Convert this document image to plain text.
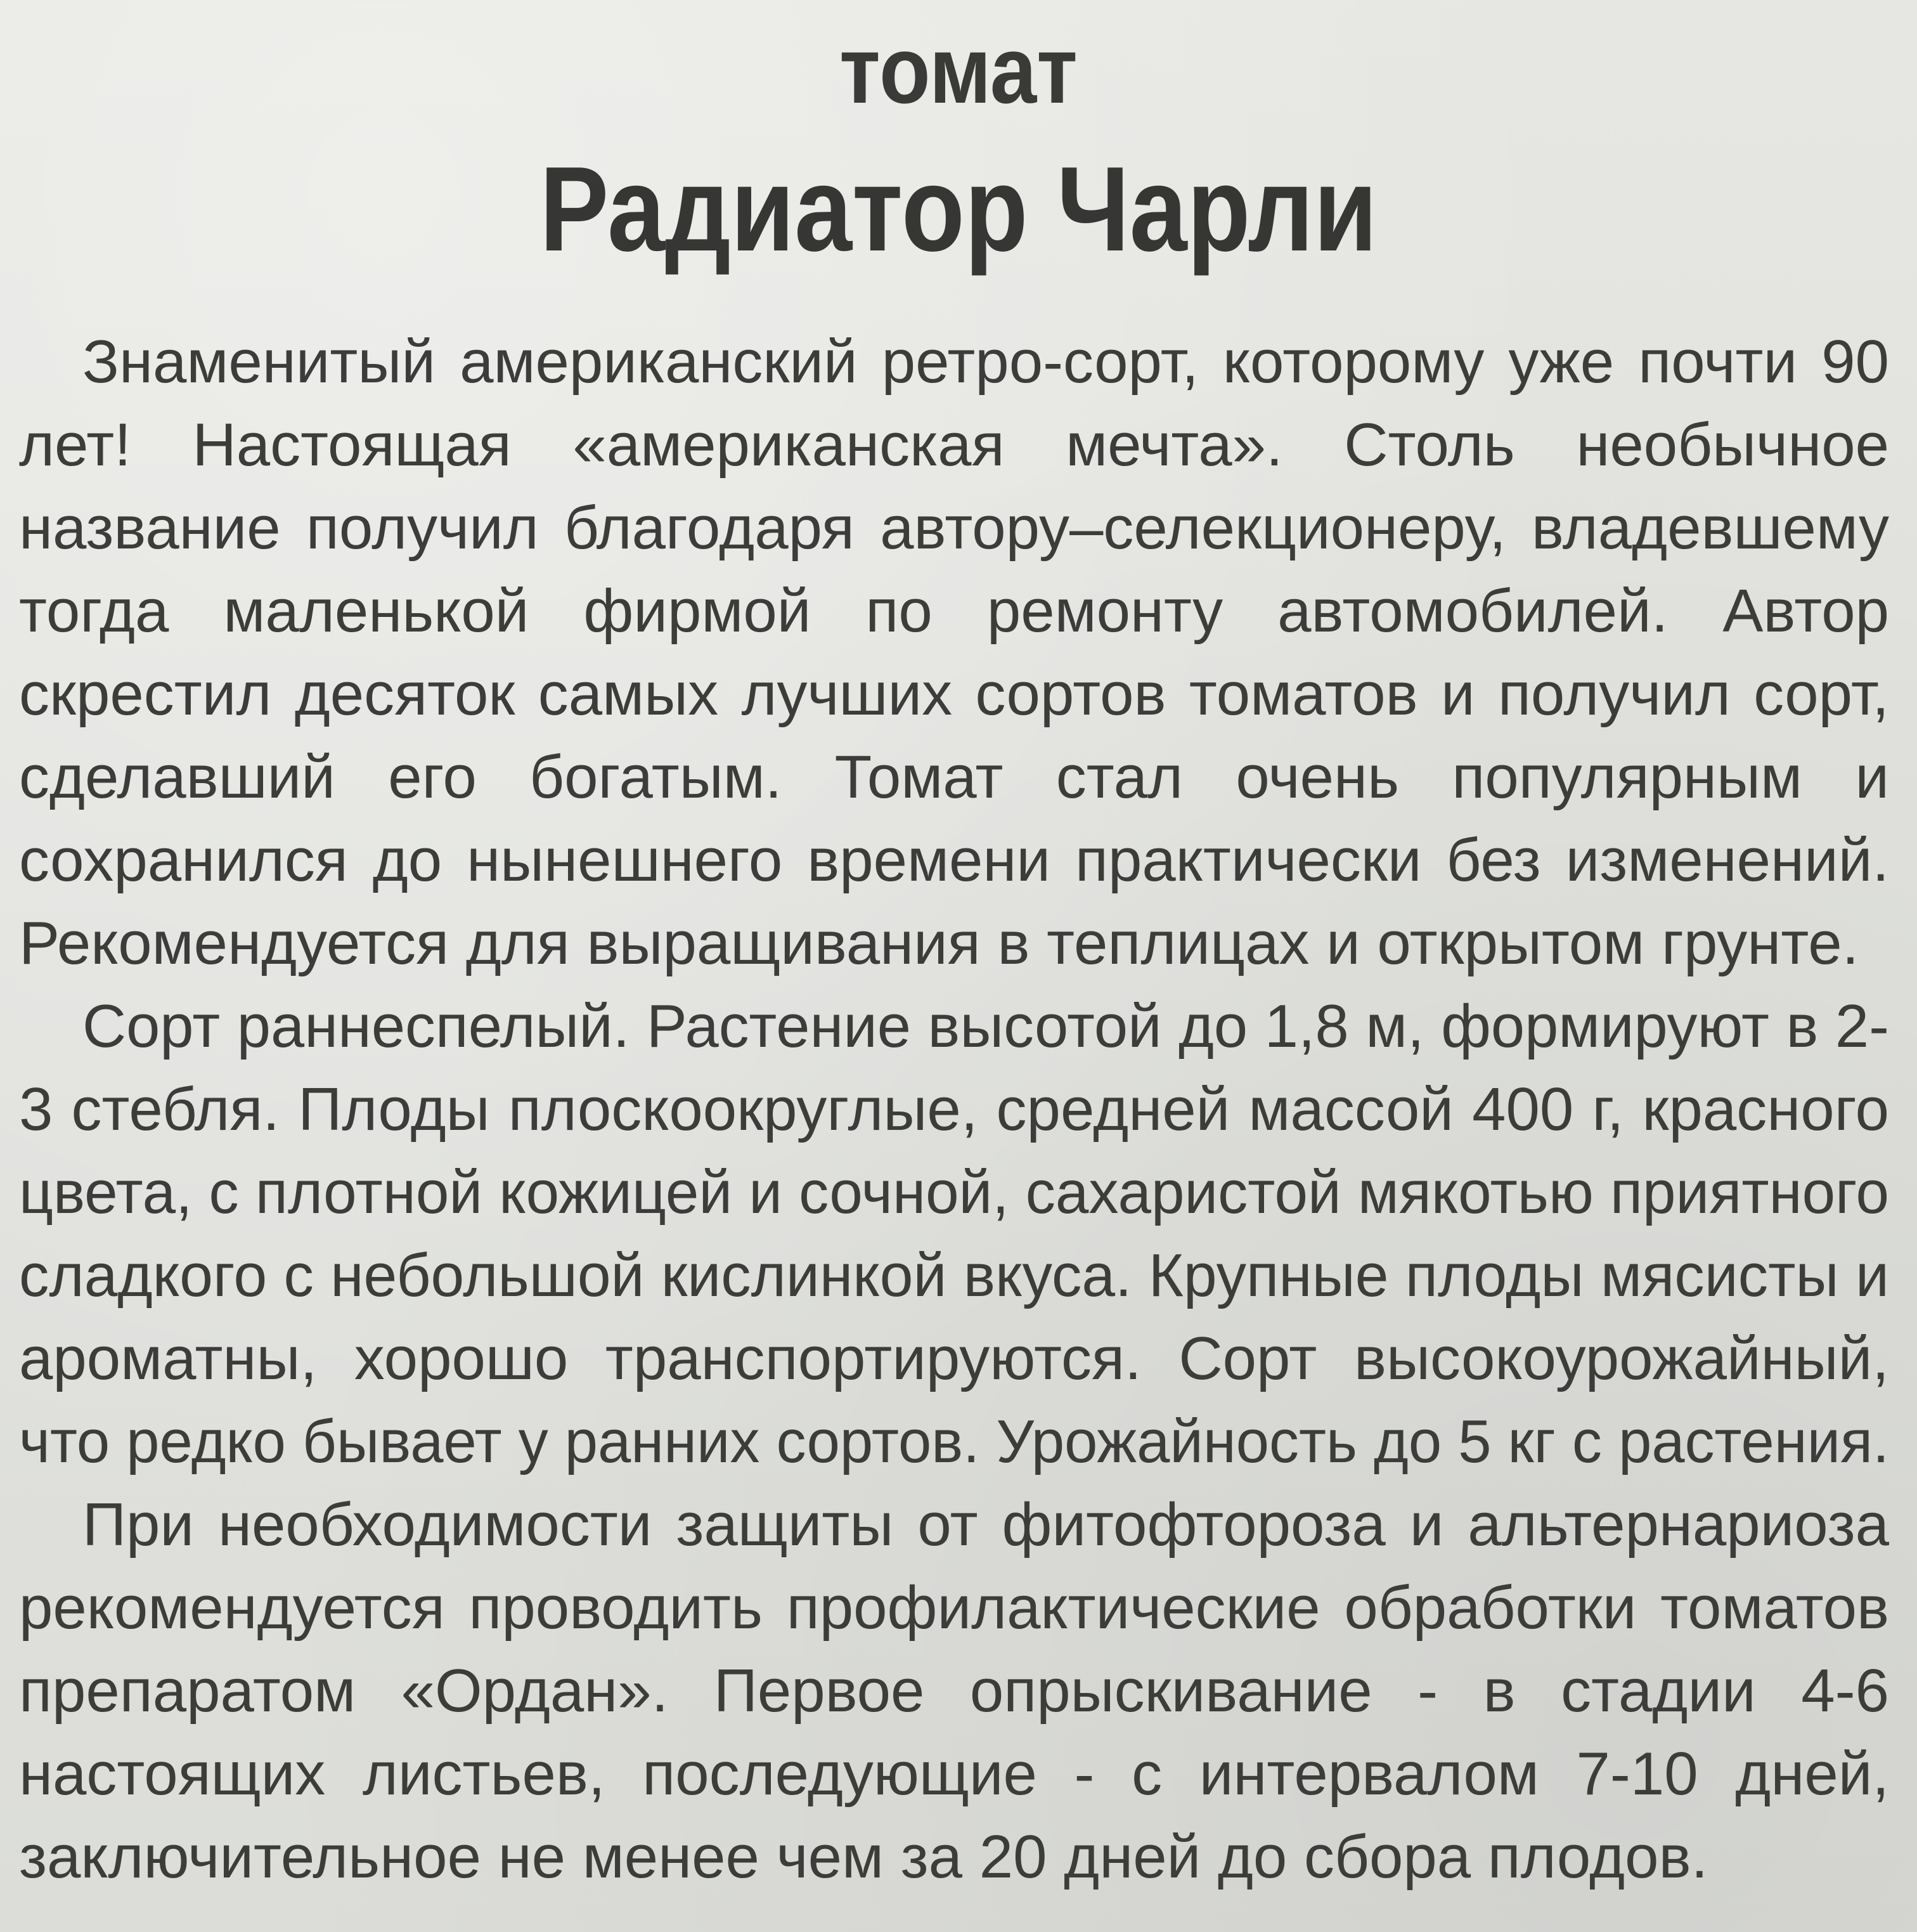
томат
Радиатор Чарли
Знаменитый американский ретро-сорт, которому уже почти 90
лет! Настоящая «американская мечта». Столь необычное
название получил благодаря автору–селекционеру, владевшему
тогда маленькой фирмой по ремонту автомобилей. Автор
скрестил десяток самых лучших сортов томатов и получил сорт,
сделавший его богатым. Томат стал очень популярным и
сохранился до нынешнего времени практически без изменений.
Рекомендуется для выращивания в теплицах и открытом грунте.
Сорт раннеспелый. Растение высотой до 1,8 м, формируют в 2-
3 стебля. Плоды плоскоокруглые, средней массой 400 г, красного
цвета, с плотной кожицей и сочной, сахаристой мякотью приятного
сладкого с небольшой кислинкой вкуса. Крупные плоды мясисты и
ароматны, хорошо транспортируются. Сорт высокоурожайный,
что редко бывает у ранних сортов. Урожайность до 5 кг с растения.
При необходимости защиты от фитофтороза и альтернариоза
рекомендуется проводить профилактические обработки томатов
препаратом «Ордан». Первое опрыскивание - в стадии 4-6
настоящих листьев, последующие - с интервалом 7-10 дней,
заключительное не менее чем за 20 дней до сбора плодов.
